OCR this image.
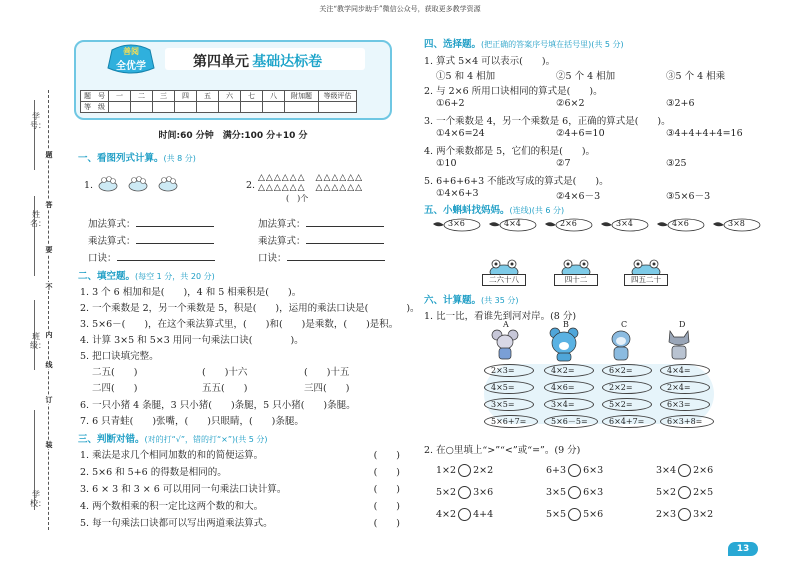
关注“教学同步助手”微信公众号，获取更多教学资源
学号：
姓名：
班级：
学校：
题
答
要
不
内
线
订
装
善阅
全优学	第四单元 基础达标卷
题　号	一	二	三	四	五	六	七	八	附加题	等级评估
等　级										
时间:60 分钟　满分:100 分+10 分
一、看图列式计算。(共 8 分)
1.	2.
△△△△△△　△△△△△△
△△△△△△　△△△△△△
(　)个
加法算式：
乘法算式：
口诀：
加法算式：
乘法算式：
口诀：
二、填空题。(每空 1 分，共 20 分)
1. 3 个 6 相加和是(　　)，4 和 5 相乘积是(　　)。
2. 一个乘数是 2，另一个乘数是 5，积是(　　)，运用的乘法口诀是(　　　　)。
3. 5×6－(　　)，在这个乘法算式里，(　　)和(　　)是乘数，(　　)是积。
4. 计算 3×5 和 5×3 用同一句乘法口诀(　　　　)。
5. 把口诀填完整。
二五(　　)	(　　)十六	(　　)十五
二四(　　)	五五(　　)	三四(　　)
6. 一只小猪 4 条腿，3 只小猪(　　)条腿，5 只小猪(　　)条腿。
7. 6 只青蛙(　　)张嘴，(　　)只眼睛，(　　)条腿。
三、判断对错。(对的打“√”，错的打“×”)(共 5 分)
1. 乘法是求几个相同加数的和的简便运算。	(　　)
2. 5×6 和 5+6 的得数是相同的。	(　　)
3. 6 × 3 和 3 × 6 可以用同一句乘法口诀计算。	(　　)
4. 两个数相乘的积一定比这两个数的和大。	(　　)
5. 每一句乘法口诀都可以写出两道乘法算式。	(　　)
四、选择题。(把正确的答案序号填在括号里)(共 5 分)
1. 算式 5×4 可以表示(　　)。
①5 和 4 相加	②5 个 4 相加	③5 个 4 相乘
2. 与 2×6 所用口诀相同的算式是(　　)。
①6+2	②6×2	③2+6
3. 一个乘数是 4，另一个乘数是 6，正确的算式是(　　)。
①4×6=24	②4+6=10	③4+4+4+4=16
4. 两个乘数都是 5，它们的积是(　　)。
①10	②7	③25
5. 6+6+6+3 不能改写成的算式是(　　)。
①4×6+3	②4×6－3	③5×6－3
五、小蝌蚪找妈妈。(连线)(共 6 分)
3×6	4×4	2×6	3×4	4×6	3×8
二六十八	四十二	四五二十
六、计算题。(共 35 分)
1. 比一比，看谁先到河对岸。(8 分)
A	B	C	D
2×3=	4×2=	6×2=	4×4=
4×5=	4×6=	2×2=	2×4=
3×5=	3×4=	5×2=	6×3=
5×6+7=	5×6－5=	6×4+7=	6×3+8=
2. 在○里填上“>”“<”或“=”。(9 分)
1×2 2×2	6+3 6×3	3×4 2×6
5×2 3×6	3×5 6×3	5×2 2×5
4×2 4+4	5×5 5×6	2×3 3×2
13
